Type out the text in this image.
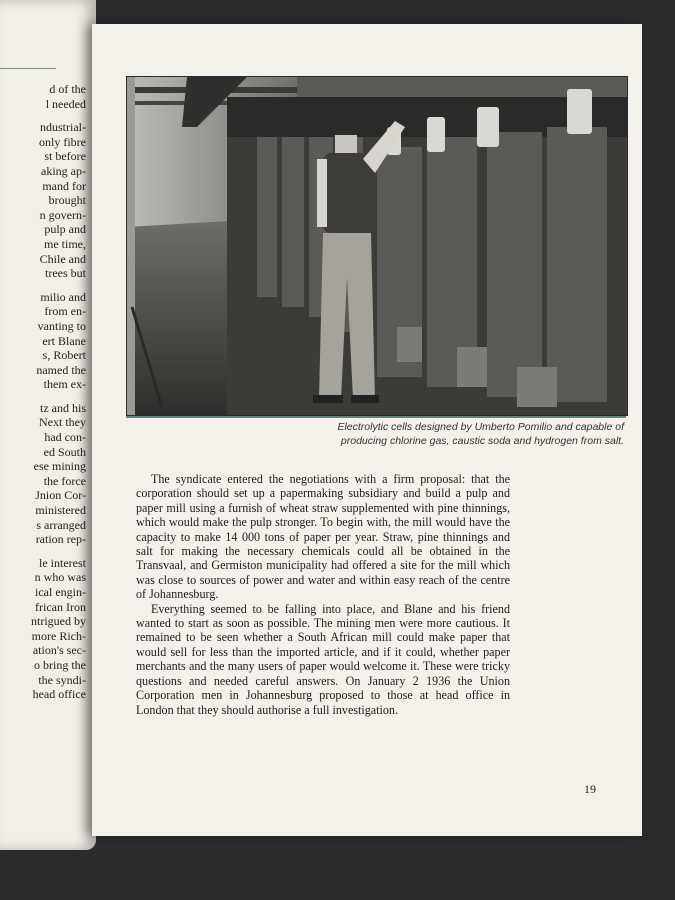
d of the
l needed
ndustrial-
only fibre
st before
aking ap-
mand for
brought
n govern-
pulp and
me time,
Chile and
trees but
milio and
from en-
vanting to
ert Blane
s, Robert
named the
them ex-
tz and his
Next they
had con-
ed South
ese mining
the force
Jnion Cor-
ministered
s arranged
ration rep-
le interest
n who was
ical engin-
frican Iron
ntrigued by
more Rich-
ation's sec-
o bring the
the syndi-
head office
Electrolytic cells designed by Umberto Pomilio and capable of producing chlorine gas, caustic soda and hydrogen from salt.

The syndicate entered the negotiations with a firm proposal: that the corporation should set up a papermaking subsidiary and build a pulp and paper mill using a furnish of wheat straw supplemented with pine thinnings, which would make the pulp stronger. To begin with, the mill would have the capacity to make 14 000 tons of paper per year. Straw, pine thinnings and salt for making the necessary chemicals could all be obtained in the Transvaal, and Germiston municipality had offered a site for the mill which was close to sources of power and water and within easy reach of the centre of Johannesburg.

Everything seemed to be falling into place, and Blane and his friend wanted to start as soon as possible. The mining men were more cautious. It remained to be seen whether a South African mill could make paper that would sell for less than the imported article, and if it could, whether paper merchants and the many users of paper would welcome it. These were tricky questions and needed careful answers. On January 2 1936 the Union Corporation men in Johannesburg proposed to those at head office in London that they should authorise a full investigation.

19
